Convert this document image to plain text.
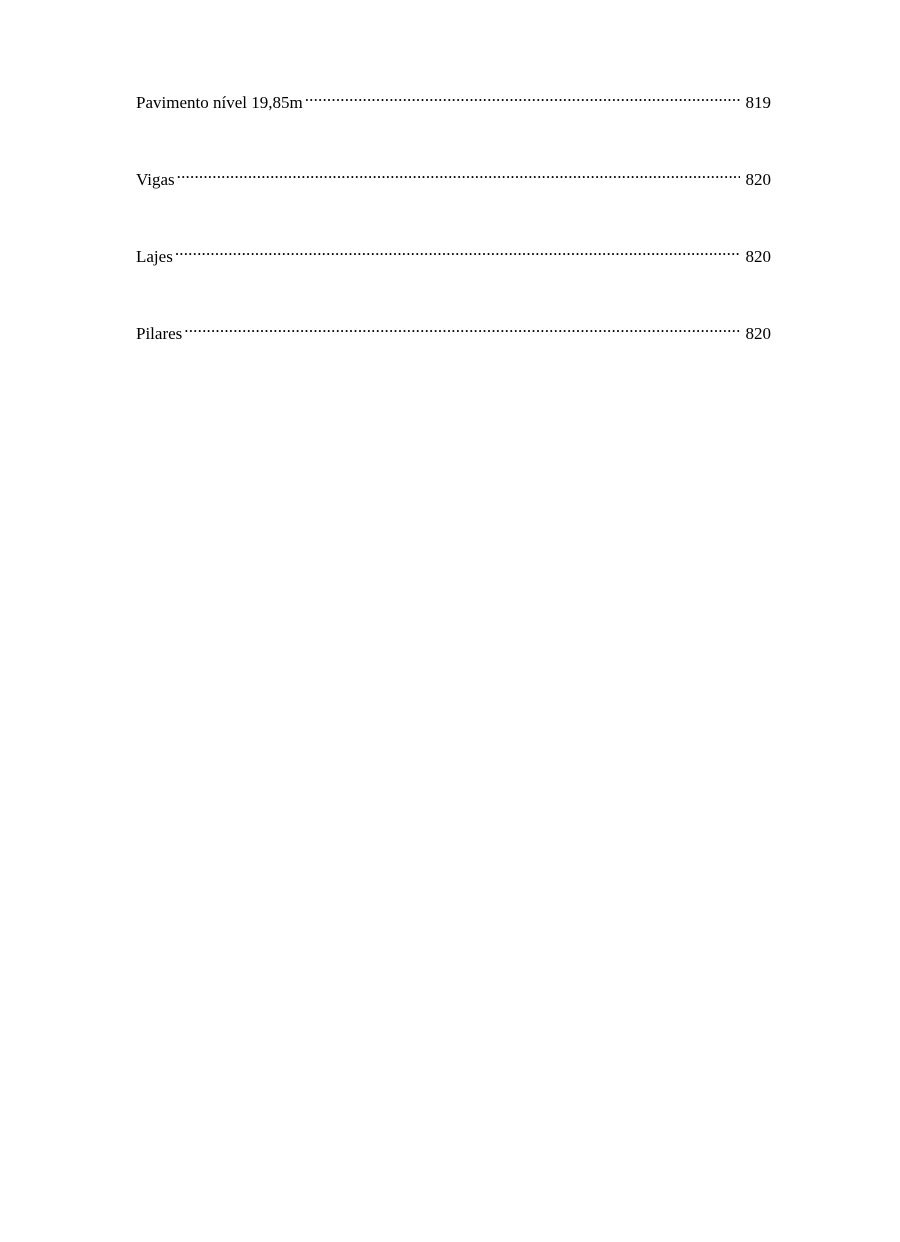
Pavimento nível 19,85m .....	819
Vigas .....	820
Lajes .....	820
Pilares .....	820
